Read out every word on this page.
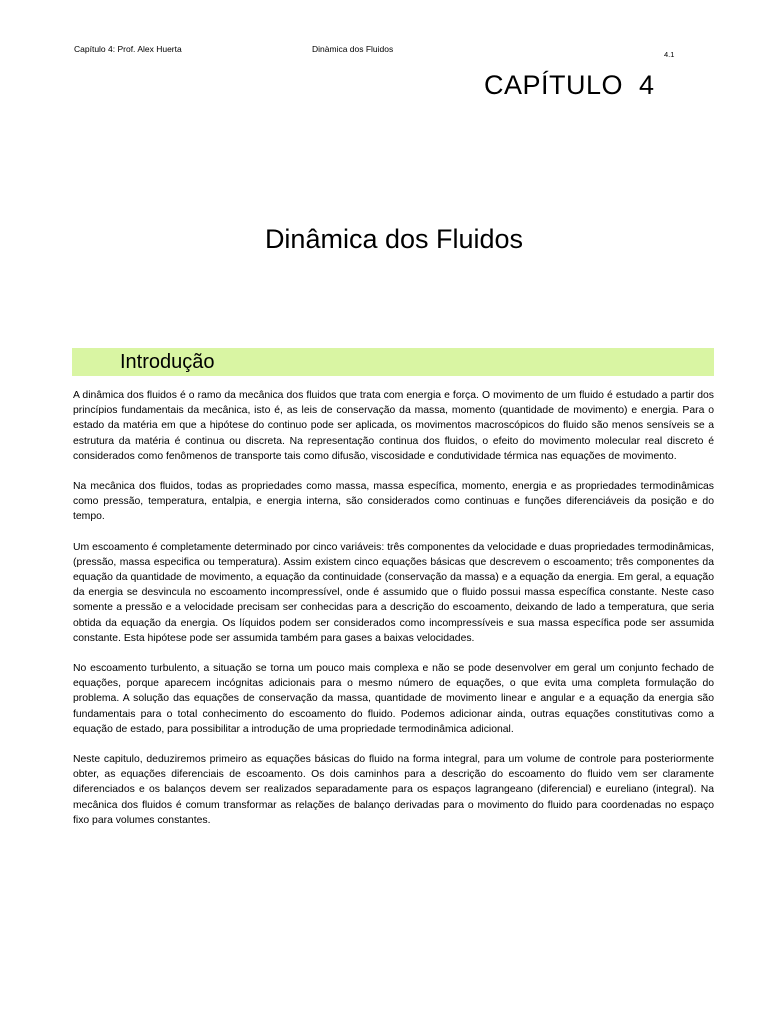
Capítulo 4: Prof. Alex Huerta	Dinàmica dos Fluidos
4.1
CAPÍTULO  4
Dinâmica dos Fluidos
Introdução

A dinâmica dos fluidos é o ramo da mecânica dos fluidos que trata com energia e força. O movimento de um fluido é estudado a partir dos princípios fundamentais da mecânica, isto é, as leis de conservação da massa, momento (quantidade de movimento) e energia. Para o estado da matéria em que a hipótese do continuo pode ser aplicada, os movimentos macroscópicos do fluido são menos sensíveis se a estrutura da matéria é continua ou discreta. Na representação continua dos fluidos, o efeito do movimento molecular real discreto é considerados como fenômenos de transporte tais como difusão, viscosidade e condutividade térmica nas equações de movimento.

Na mecânica dos fluidos, todas as propriedades como massa, massa específica, momento, energia e as propriedades termodinâmicas como pressão, temperatura, entalpia, e energia interna, são considerados como continuas e funções diferenciáveis da posição e do tempo.

Um escoamento é completamente determinado por cinco variáveis: três componentes da velocidade e duas propriedades termodinâmicas, (pressão, massa especifica ou temperatura). Assim existem cinco equações básicas que descrevem o escoamento; três componentes da equação da quantidade de movimento, a equação da continuidade (conservação da massa) e a equação da energia. Em geral, a equação da energia se desvincula no escoamento incompressível, onde é assumido que o fluido possui massa específica constante. Neste caso somente a pressão e a velocidade precisam ser conhecidas para a descrição do escoamento, deixando de lado a temperatura, que seria obtida da equação da energia. Os líquidos podem ser considerados como incompressíveis e sua massa específica pode ser assumida constante. Esta hipótese pode ser assumida também para gases a baixas velocidades.

No escoamento turbulento, a situação se torna um pouco mais complexa e não se pode desenvolver em geral um conjunto fechado de equações, porque aparecem incógnitas adicionais para o mesmo número de equações, o que evita uma completa formulação do problema. A solução das equações de conservação da massa, quantidade de movimento linear e angular e a equação da energia são fundamentais para o total conhecimento do escoamento do fluido. Podemos adicionar ainda, outras equações constitutivas como a equação de estado, para possibilitar a introdução de uma propriedade termodinâmica adicional.

Neste capitulo, deduziremos primeiro as equações básicas do fluido na forma integral, para um volume de controle para posteriormente obter, as equações diferenciais de escoamento. Os dois caminhos para a descrição do escoamento do fluido vem ser claramente diferenciados e os balanços devem ser realizados separadamente para os espaços lagrangeano (diferencial) e eureliano (integral). Na mecânica dos fluidos é comum transformar as relações de balanço derivadas para o movimento do fluido para coordenadas no espaço fixo para volumes constantes.
